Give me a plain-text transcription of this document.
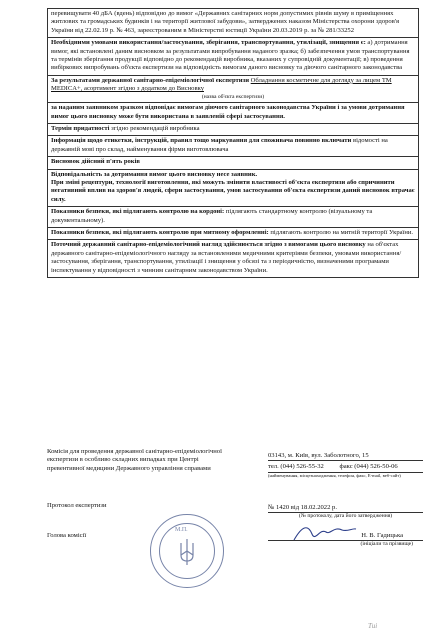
перевищувати 40 дБА (вдень) відповідно до вимог «Державних санітарних норм допустимих рівнів шуму в приміщеннях житлових та громадських будинків і на території житлової забудови», затверджених наказом Міністерства охорони здоров'я України від 22.02.19 р. № 463, зареєстрованим в Міністерстві юстиції України 20.03.2019 р. за № 281/33252
Необхідними умовами використання/застосування, зберігання, транспортування, утилізації, знищення є: а) дотримання вимог, які встановлені даним висновком за результатами випробування наданого зразка; б) забезпечення умов транспортування та термінів зберігання продукції відповідно до рекомендацій виробника, вказаних у супровідній документації; в) проведення вибіркових випробувань об'єкта експертизи на відповідність вимогам даного висновку та діючого санітарного законодавства
За результатами державної санітарно-епідеміологічної експертизи Обладнання косметичне для догляду за лицем ТМ MEDICA+, асортимент згідно з додатком до Висновку
(назва об'єкта експертизи)
за наданим заявником зразком відповідає вимогам діючого санітарного законодавства України і за умови дотримання вимог цього висновку може бути використана в заявленій сфері застосування.
Термін придатності згідно рекомендацій виробника
Інформація щодо етикетки, інструкцій, правил тощо маркування для споживача повинно включати відомості на державній мові про склад, найменування фірми виготовлювача
Висновок дійсний п'ять років
Відповідальність за дотримання вимог цього висновку несе заявник.
При зміні рецептури, технології виготовлення, які можуть змінити властивості об'єкта експертизи або спричинити негативний вплив на здоров'я людей, сфери застосування, умов застосування об'єкта експертизи даний висновок втрачає силу.
Показники безпеки, які підлягають контролю на кордоні: підлягають стандартному контролю (візуальному та документальному).
Показники безпеки, які підлягають контролю при митному оформленні: підлягають контролю на митній території України.
Поточний державний санітарно-епідеміологічний нагляд здійснюється згідно з вимогами цього висновку на об'єктах державного санітарно-епідеміологічного нагляду за встановленими медичними критеріями безпеки, умовами використання/застосування, зберігання, транспортування, утилізації і знищення у обсязі та з періодичністю, визначеними програмами інспектування у відповідності з чинним санітарним законодавством України.
Комісія для проведення державної санітарно-епідеміологічної експертизи в особливо складних випадках при Центрі превентивної медицини Державного управління справами
03143, м. Київ, вул. Заболотного, 15
тел. (044) 526-55-32 факс (044) 526-50-06
(найменування, місцезнаходження, телефон, факс, E-mail, веб-сайт)
Протокол експертизи	№ 1420 від 18.02.2022 р.
(№ протоколу, дата його затвердження)
Голова комісії	Н. В. Гадицька
(ініціали та прізвище)
М.П.
Тиі
